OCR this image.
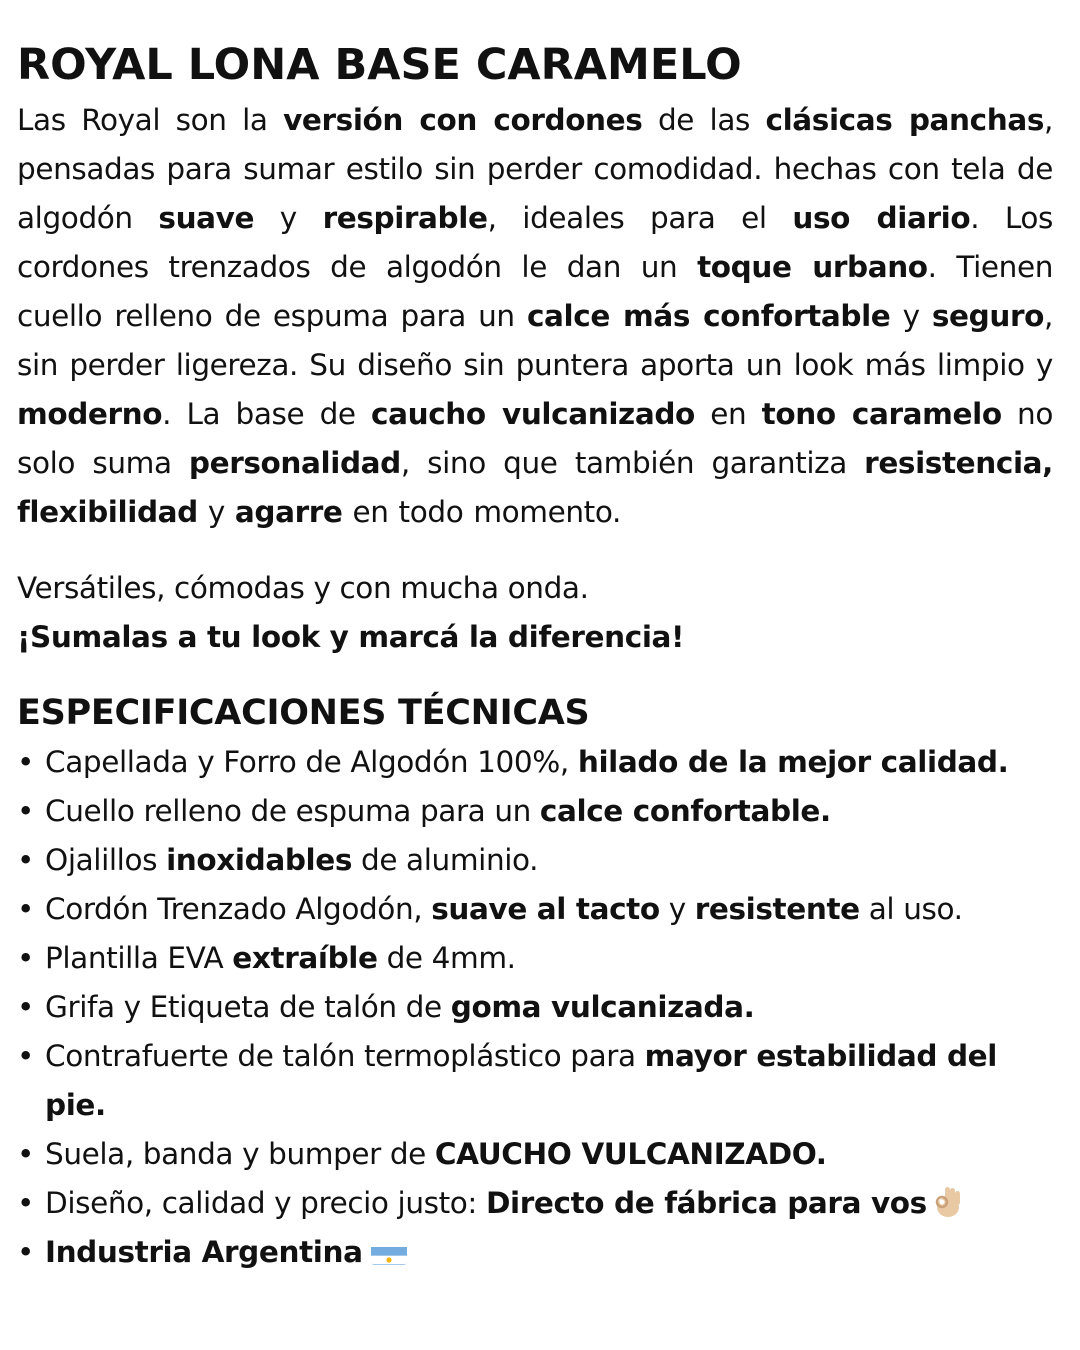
ROYAL LONA BASE CARAMELO

Las Royal son la versión con cordones de las clásicas panchas, pensadas para sumar estilo sin perder comodidad. hechas con tela de algodón suave y respirable, ideales para el uso diario. Los cordones trenzados de algodón le dan un toque urbano. Tienen cuello relleno de espuma para un calce más confortable y seguro, sin perder ligereza. Su diseño sin puntera aporta un look más limpio y moderno. La base de caucho vulcanizado en tono caramelo no solo suma personalidad, sino que también garantiza resistencia, flexibilidad y agarre en todo momento.

Versátiles, cómodas y con mucha onda.
¡Sumalas a tu look y marcá la diferencia!
ESPECIFICACIONES TÉCNICAS
• Capellada y Forro de Algodón 100%, hilado de la mejor calidad.
• Cuello relleno de espuma para un calce confortable.
• Ojalillos inoxidables de aluminio.
• Cordón Trenzado Algodón, suave al tacto y resistente al uso.
• Plantilla EVA extraíble de 4mm.
• Grifa y Etiqueta de talón de goma vulcanizada.
• Contrafuerte de talón termoplástico para mayor estabilidad del pie.
• Suela, banda y bumper de CAUCHO VULCANIZADO.
• Diseño, calidad y precio justo: Directo de fábrica para vos
• Industria Argentina
